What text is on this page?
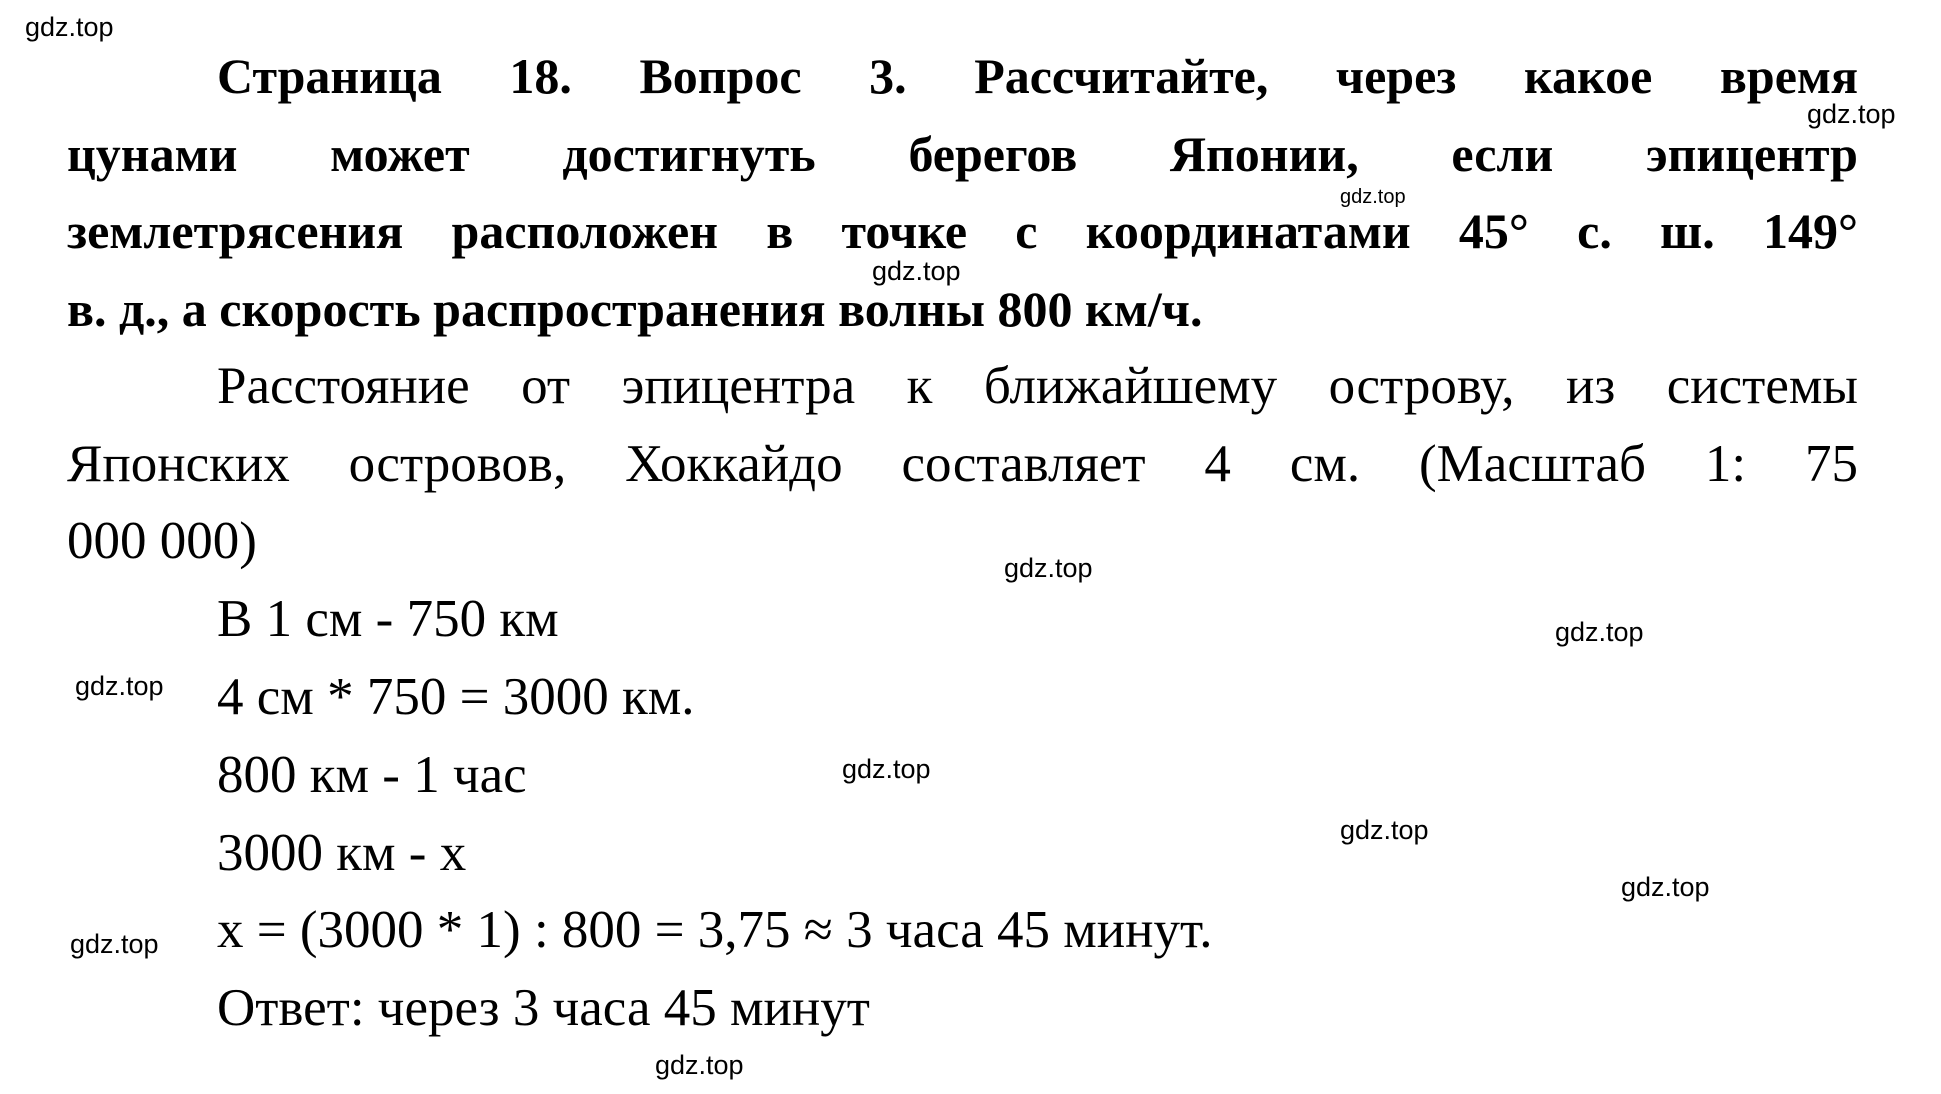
Страница 18. Вопрос 3. Рассчитайте, через какое время
цунами может достигнуть берегов Японии, если эпицентр
землетрясения расположен в точке с координатами 45° с. ш. 149°
в. д., а скорость распространения волны 800 км/ч.
Расстояние от эпицентра к ближайшему острову, из системы
Японских островов, Хоккайдо составляет 4 см. (Масштаб 1: 75
000 000)
В 1 см - 750 км
4 см * 750 = 3000 км.
800 км - 1 час
3000 км - х
х = (3000 * 1) : 800 = 3,75 ≈ 3 часа 45 минут.
Ответ: через 3 часа 45 минут
gdz.top
gdz.top
gdz.top
gdz.top
gdz.top
gdz.top
gdz.top
gdz.top
gdz.top
gdz.top
gdz.top
gdz.top
